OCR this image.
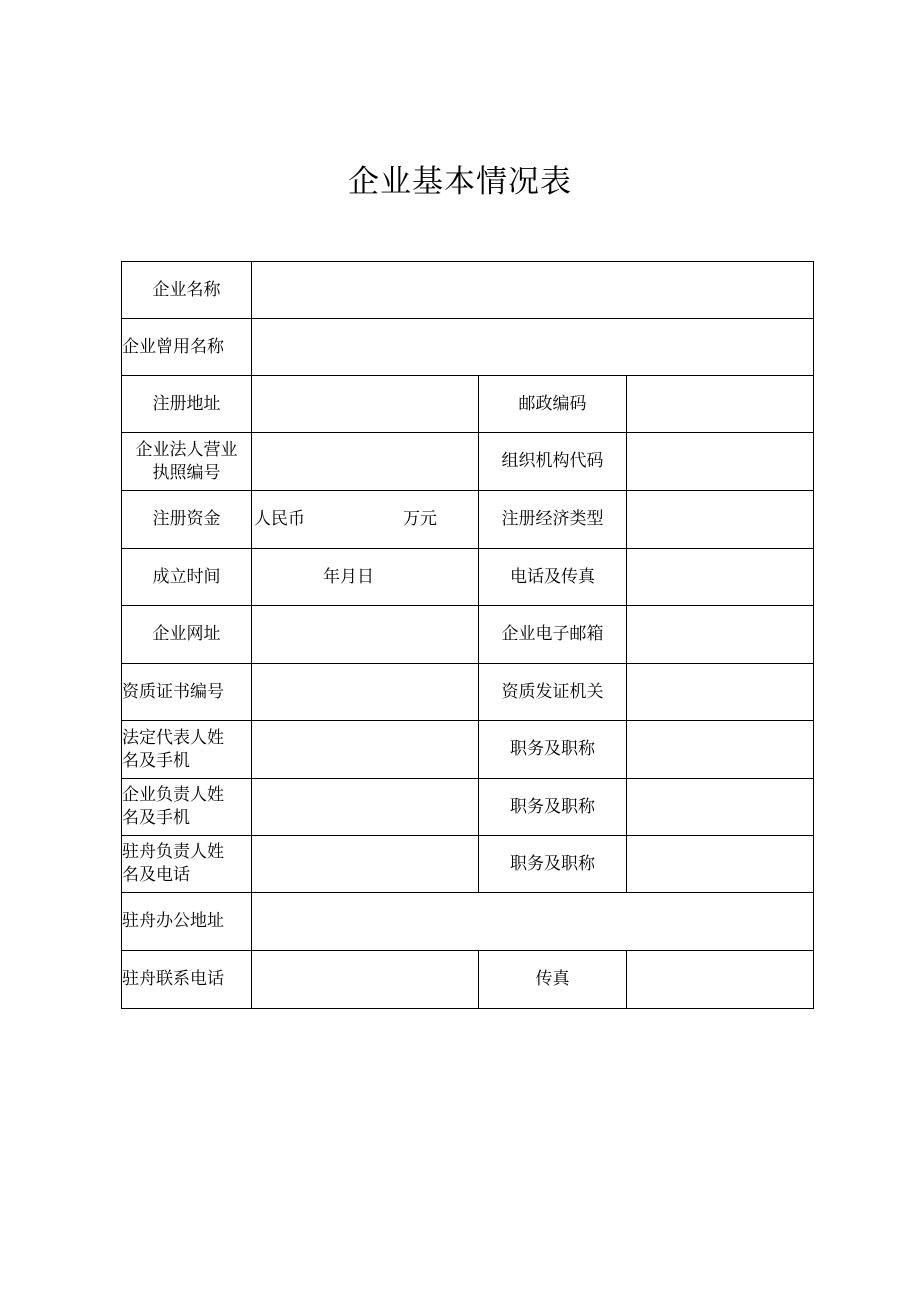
企业基本情况表
企业名称			
企业曾用名称			
注册地址		邮政编码	
企业法人营业
执照编号		组织机构代码	
注册资金	人民币 万元	注册经济类型	
成立时间	年月日	电话及传真	
企业网址		企业电子邮箱	
资质证书编号		资质发证机关	
法定代表人姓
名及手机		职务及职称	
企业负责人姓
名及手机		职务及职称	
驻舟负责人姓
名及电话		职务及职称	
驻舟办公地址			
驻舟联系电话		传真	
